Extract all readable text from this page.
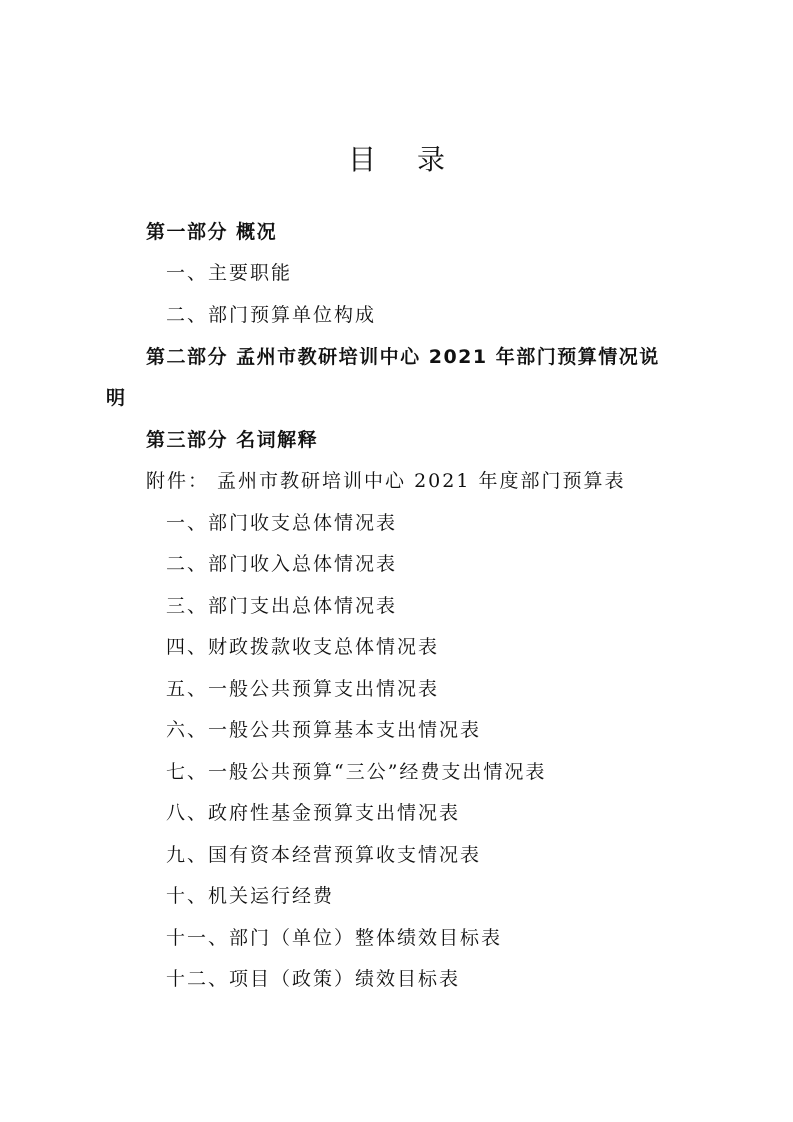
目 录
第一部分 概况
一、主要职能
二、部门预算单位构成
第二部分 孟州市教研培训中心 2021 年部门预算情况说
明
第三部分 名词解释
附件： 孟州市教研培训中心 2021 年度部门预算表
一、部门收支总体情况表
二、部门收入总体情况表
三、部门支出总体情况表
四、财政拨款收支总体情况表
五、一般公共预算支出情况表
六、一般公共预算基本支出情况表
七、一般公共预算“三公”经费支出情况表
八、政府性基金预算支出情况表
九、国有资本经营预算收支情况表
十、机关运行经费
十一、部门（单位）整体绩效目标表
十二、项目（政策）绩效目标表
